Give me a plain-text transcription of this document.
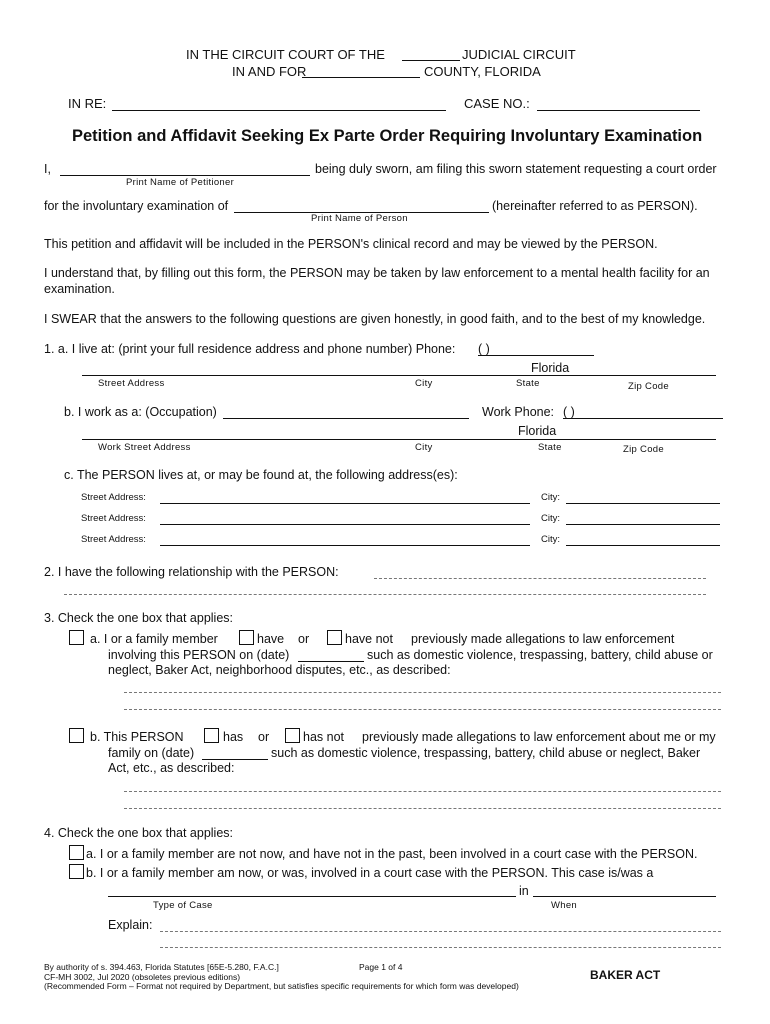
IN THE CIRCUIT COURT OF THE	JUDICIAL CIRCUIT
IN AND FOR	COUNTY, FLORIDA
IN RE:	CASE NO.:
Petition and Affidavit Seeking Ex Parte Order Requiring Involuntary Examination
I,	being duly sworn, am filing this sworn statement requesting a court order
Print Name of Petitioner
for the involuntary examination of	(hereinafter referred to as PERSON).
Print Name of Person
This petition and affidavit will be included in the PERSON's clinical record and may be viewed by the PERSON.
I understand that, by filling out this form, the PERSON may be taken by law enforcement to a mental health facility for an
examination.
I SWEAR that the answers to the following questions are given honestly, in good faith, and to the best of my knowledge.
1. a. I live at: (print your full residence address and phone number) Phone: ( )
Florida
Street Address	City	State	Zip Code
b. I work as a: (Occupation)	Work Phone: ( )
Florida
Work Street Address	City	State	Zip Code
c. The PERSON lives at, or may be found at, the following address(es):
Street Address:	City:
Street Address:	City:
Street Address:	City:
2. I have the following relationship with the PERSON:
3. Check the one box that applies:
a. I or a family member	have or	have not previously made allegations to law enforcement
involving this PERSON on (date)	such as domestic violence, trespassing, battery, child abuse or
neglect, Baker Act, neighborhood disputes, etc., as described:
b. This PERSON	has or	has not previously made allegations to law enforcement about me or my
family on (date)	such as domestic violence, trespassing, battery, child abuse or neglect, Baker
Act, etc., as described:
4. Check the one box that applies:
a. I or a family member are not now, and have not in the past, been involved in a court case with the PERSON.
b. I or a family member am now, or was, involved in a court case with the PERSON. This case is/was a
in
Type of Case	When
Explain:
By authority of s. 394.463, Florida Statutes [65E-5.280, F.A.C.]	Page 1 of 4
CF-MH 3002, Jul 2020 (obsoletes previous editions)
(Recommended Form – Format not required by Department, but satisfies specific requirements for which form was developed)
BAKER ACT
